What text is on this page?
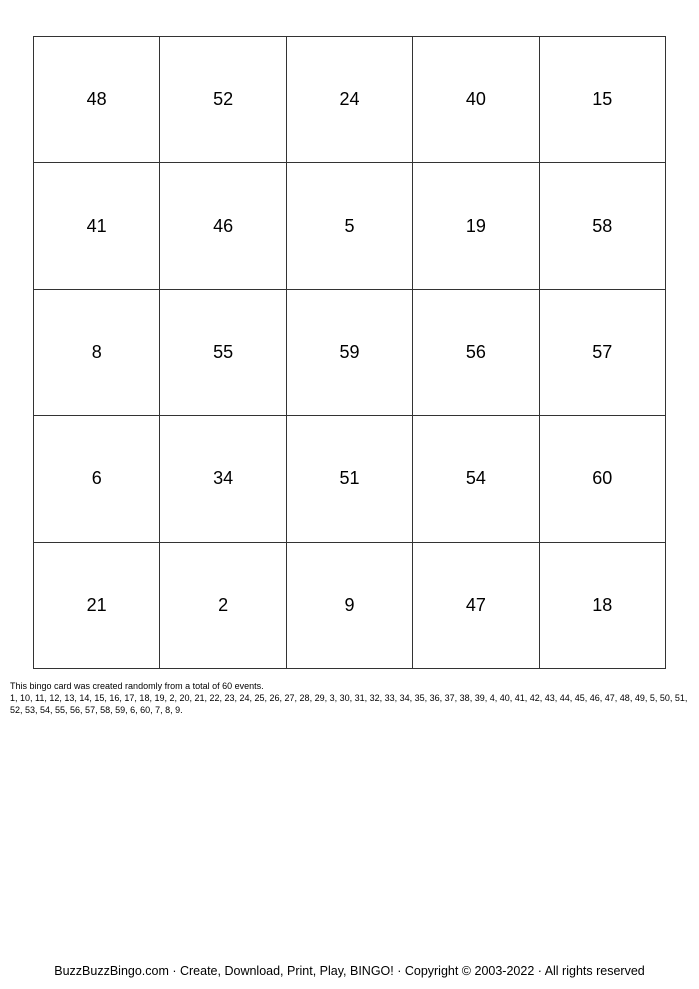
48	52	24	40	15
41	46	5	19	58
8	55	59	56	57
6	34	51	54	60
21	2	9	47	18

This bingo card was created randomly from a total of 60 events.

1, 10, 11, 12, 13, 14, 15, 16, 17, 18, 19, 2, 20, 21, 22, 23, 24, 25, 26, 27, 28, 29, 3, 30, 31, 32, 33, 34, 35, 36, 37, 38, 39, 4, 40, 41, 42, 43, 44, 45, 46, 47, 48, 49, 5, 50, 51, 52, 53, 54, 55, 56, 57, 58, 59, 6, 60, 7, 8, 9.

BuzzBuzzBingo.com · Create, Download, Print, Play, BINGO! · Copyright © 2003-2022 · All rights reserved
